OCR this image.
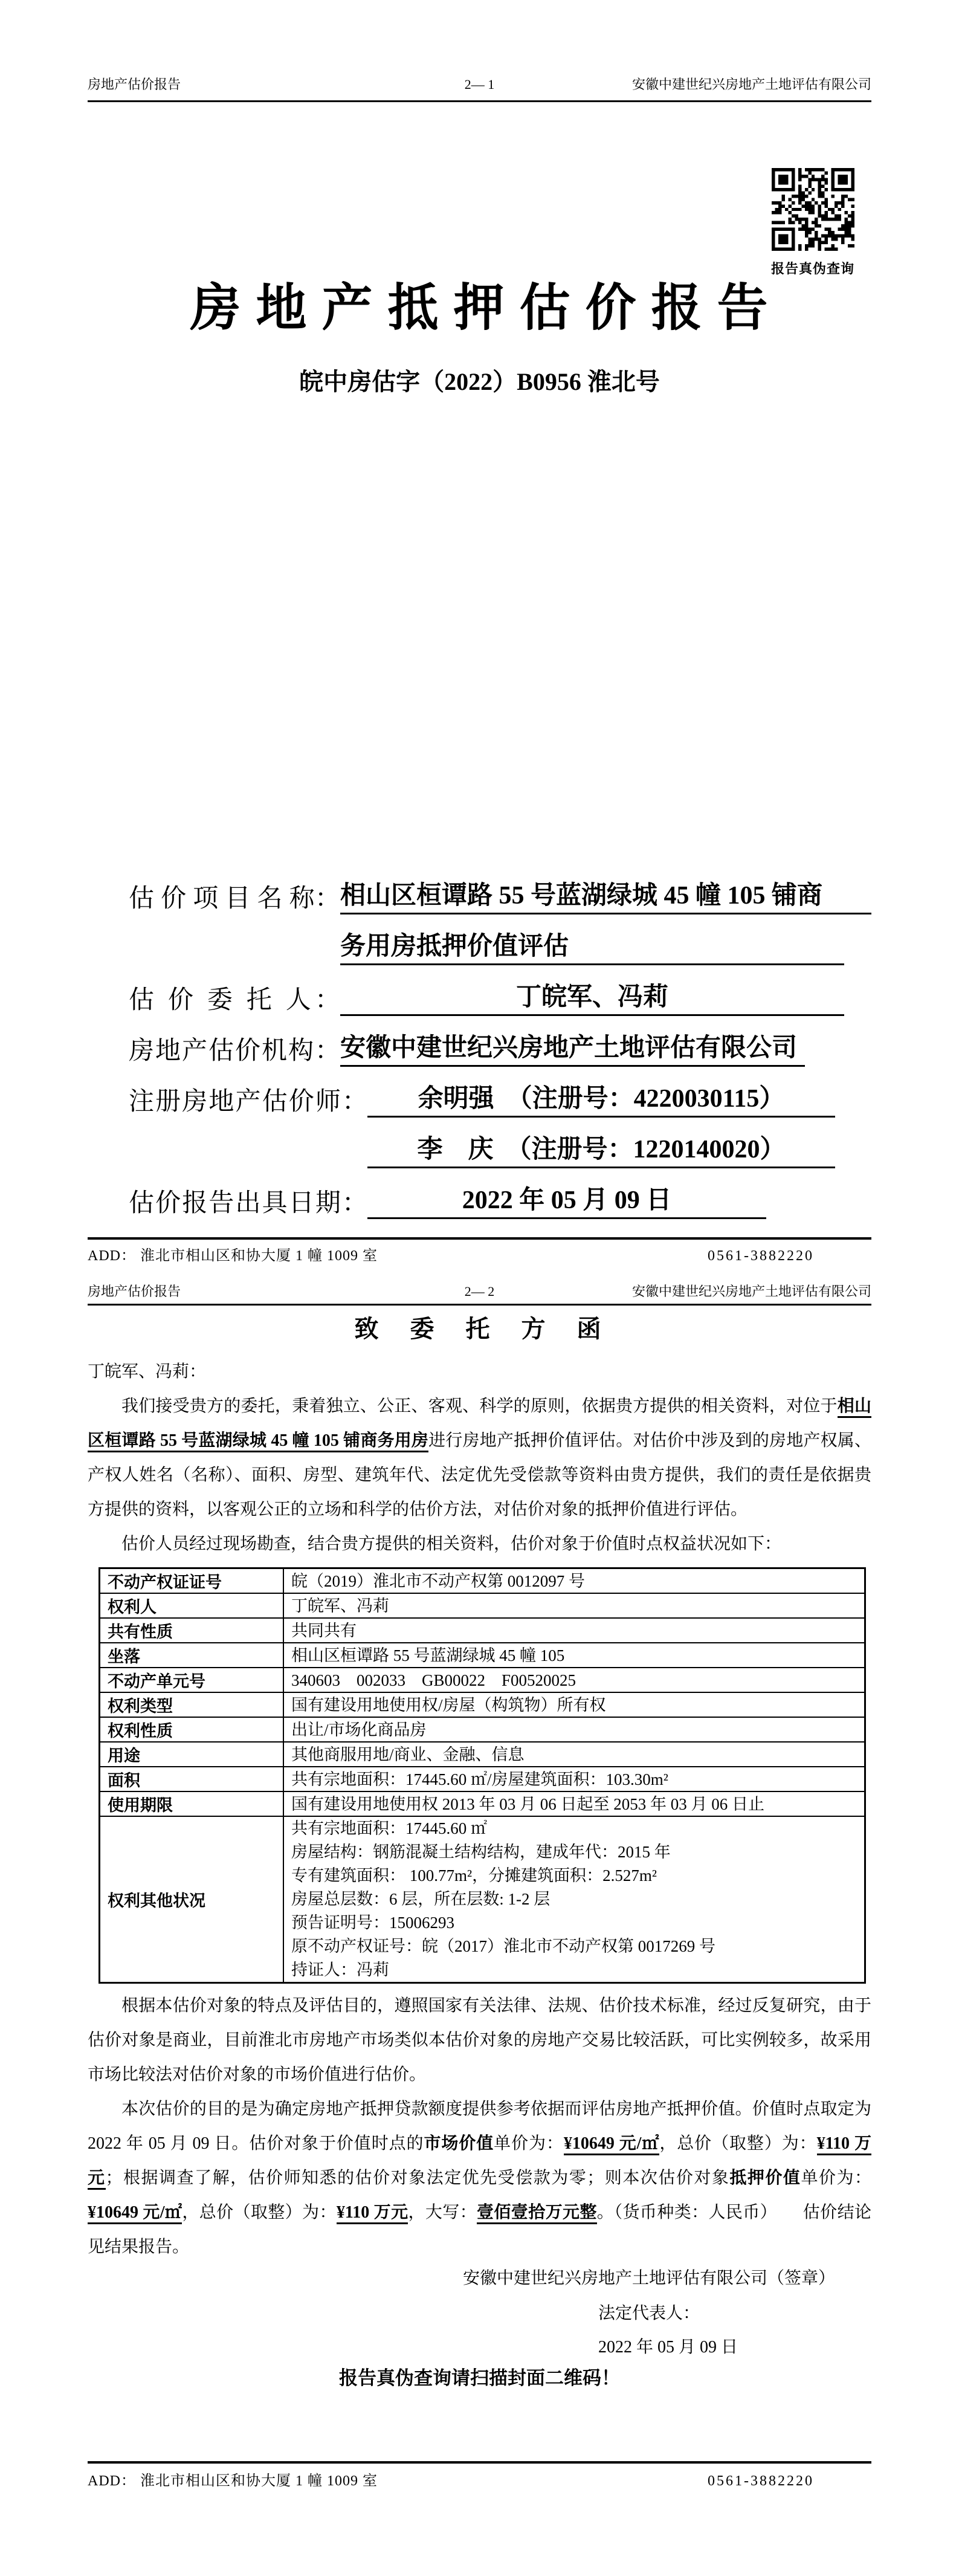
房地产估价报告	2— 1	安徽中建世纪兴房地产土地评估有限公司
报告真伪查询
房 地 产 抵 押 估 价 报 告
皖中房估字（2022）B0956 淮北号
估 价 项 目 名 称： 相山区桓谭路 55 号蓝湖绿城 45 幢 105 铺商
务用房抵押价值评估
估 价 委 托 人：	丁皖军、冯莉
房地产估价机构： 安徽中建世纪兴房地产土地评估有限公司
注册房地产估价师：	余明强　（注册号：4220030115）
李　庆　（注册号：1220140020）
估价报告出具日期：	2022 年 05 月 09 日
ADD： 淮北市相山区和协大厦 1 幢 1009 室	0561-3882220
房地产估价报告	2— 2	安徽中建世纪兴房地产土地评估有限公司
致　委　托　方　函
丁皖军、冯莉：
我们接受贵方的委托，秉着独立、公正、客观、科学的原则，依据贵方提供的相关资料，对位于相山区桓谭路 55 号蓝湖绿城 45 幢 105 铺商务用房进行房地产抵押价值评估。对估价中涉及到的房地产权属、产权人姓名（名称）、面积、房型、建筑年代、法定优先受偿款等资料由贵方提供，我们的责任是依据贵方提供的资料，以客观公正的立场和科学的估价方法，对估价对象的抵押价值进行评估。
估价人员经过现场勘查，结合贵方提供的相关资料，估价对象于价值时点权益状况如下：
不动产权证证号	皖（2019）淮北市不动产权第 0012097 号
权利人	丁皖军、冯莉
共有性质	共同共有
坐落	相山区桓谭路 55 号蓝湖绿城 45 幢 105
不动产单元号	340603　002033　GB00022　F00520025
权利类型	国有建设用地使用权/房屋（构筑物）所有权
权利性质	出让/市场化商品房
用途	其他商服用地/商业、金融、信息
面积	共有宗地面积：17445.60 ㎡/房屋建筑面积：103.30m²
使用期限	国有建设用地使用权 2013 年 03 月 06 日起至 2053 年 03 月 06 日止
权利其他状况	
共有宗地面积：17445.60 ㎡
房屋结构：钢筋混凝土结构结构，建成年代：2015 年
专有建筑面积： 100.77m²，分摊建筑面积：2.527m²
房屋总层数：6 层，所在层数: 1-2 层
预告证明号：15006293
原不动产权证号：皖（2017）淮北市不动产权第 0017269 号
持证人：冯莉
根据本估价对象的特点及评估目的，遵照国家有关法律、法规、估价技术标准，经过反复研究，由于估价对象是商业，目前淮北市房地产市场类似本估价对象的房地产交易比较活跃，可比实例较多，故采用市场比较法对估价对象的市场价值进行估价。
本次估价的目的是为确定房地产抵押贷款额度提供参考依据而评估房地产抵押价值。价值时点取定为 2022 年 05 月 09 日。估价对象于价值时点的市场价值单价为：¥10649 元/㎡，总价（取整）为：¥110 万元；根据调查了解，估价师知悉的估价对象法定优先受偿款为零；则本次估价对象抵押价值单价为：¥10649 元/㎡，总价（取整）为：¥110 万元，大写：壹佰壹拾万元整。（货币种类：人民币）　　估价结论见结果报告。
安徽中建世纪兴房地产土地评估有限公司（签章）
法定代表人：
2022 年 05 月 09 日
报告真伪查询请扫描封面二维码！
ADD： 淮北市相山区和协大厦 1 幢 1009 室	0561-3882220
